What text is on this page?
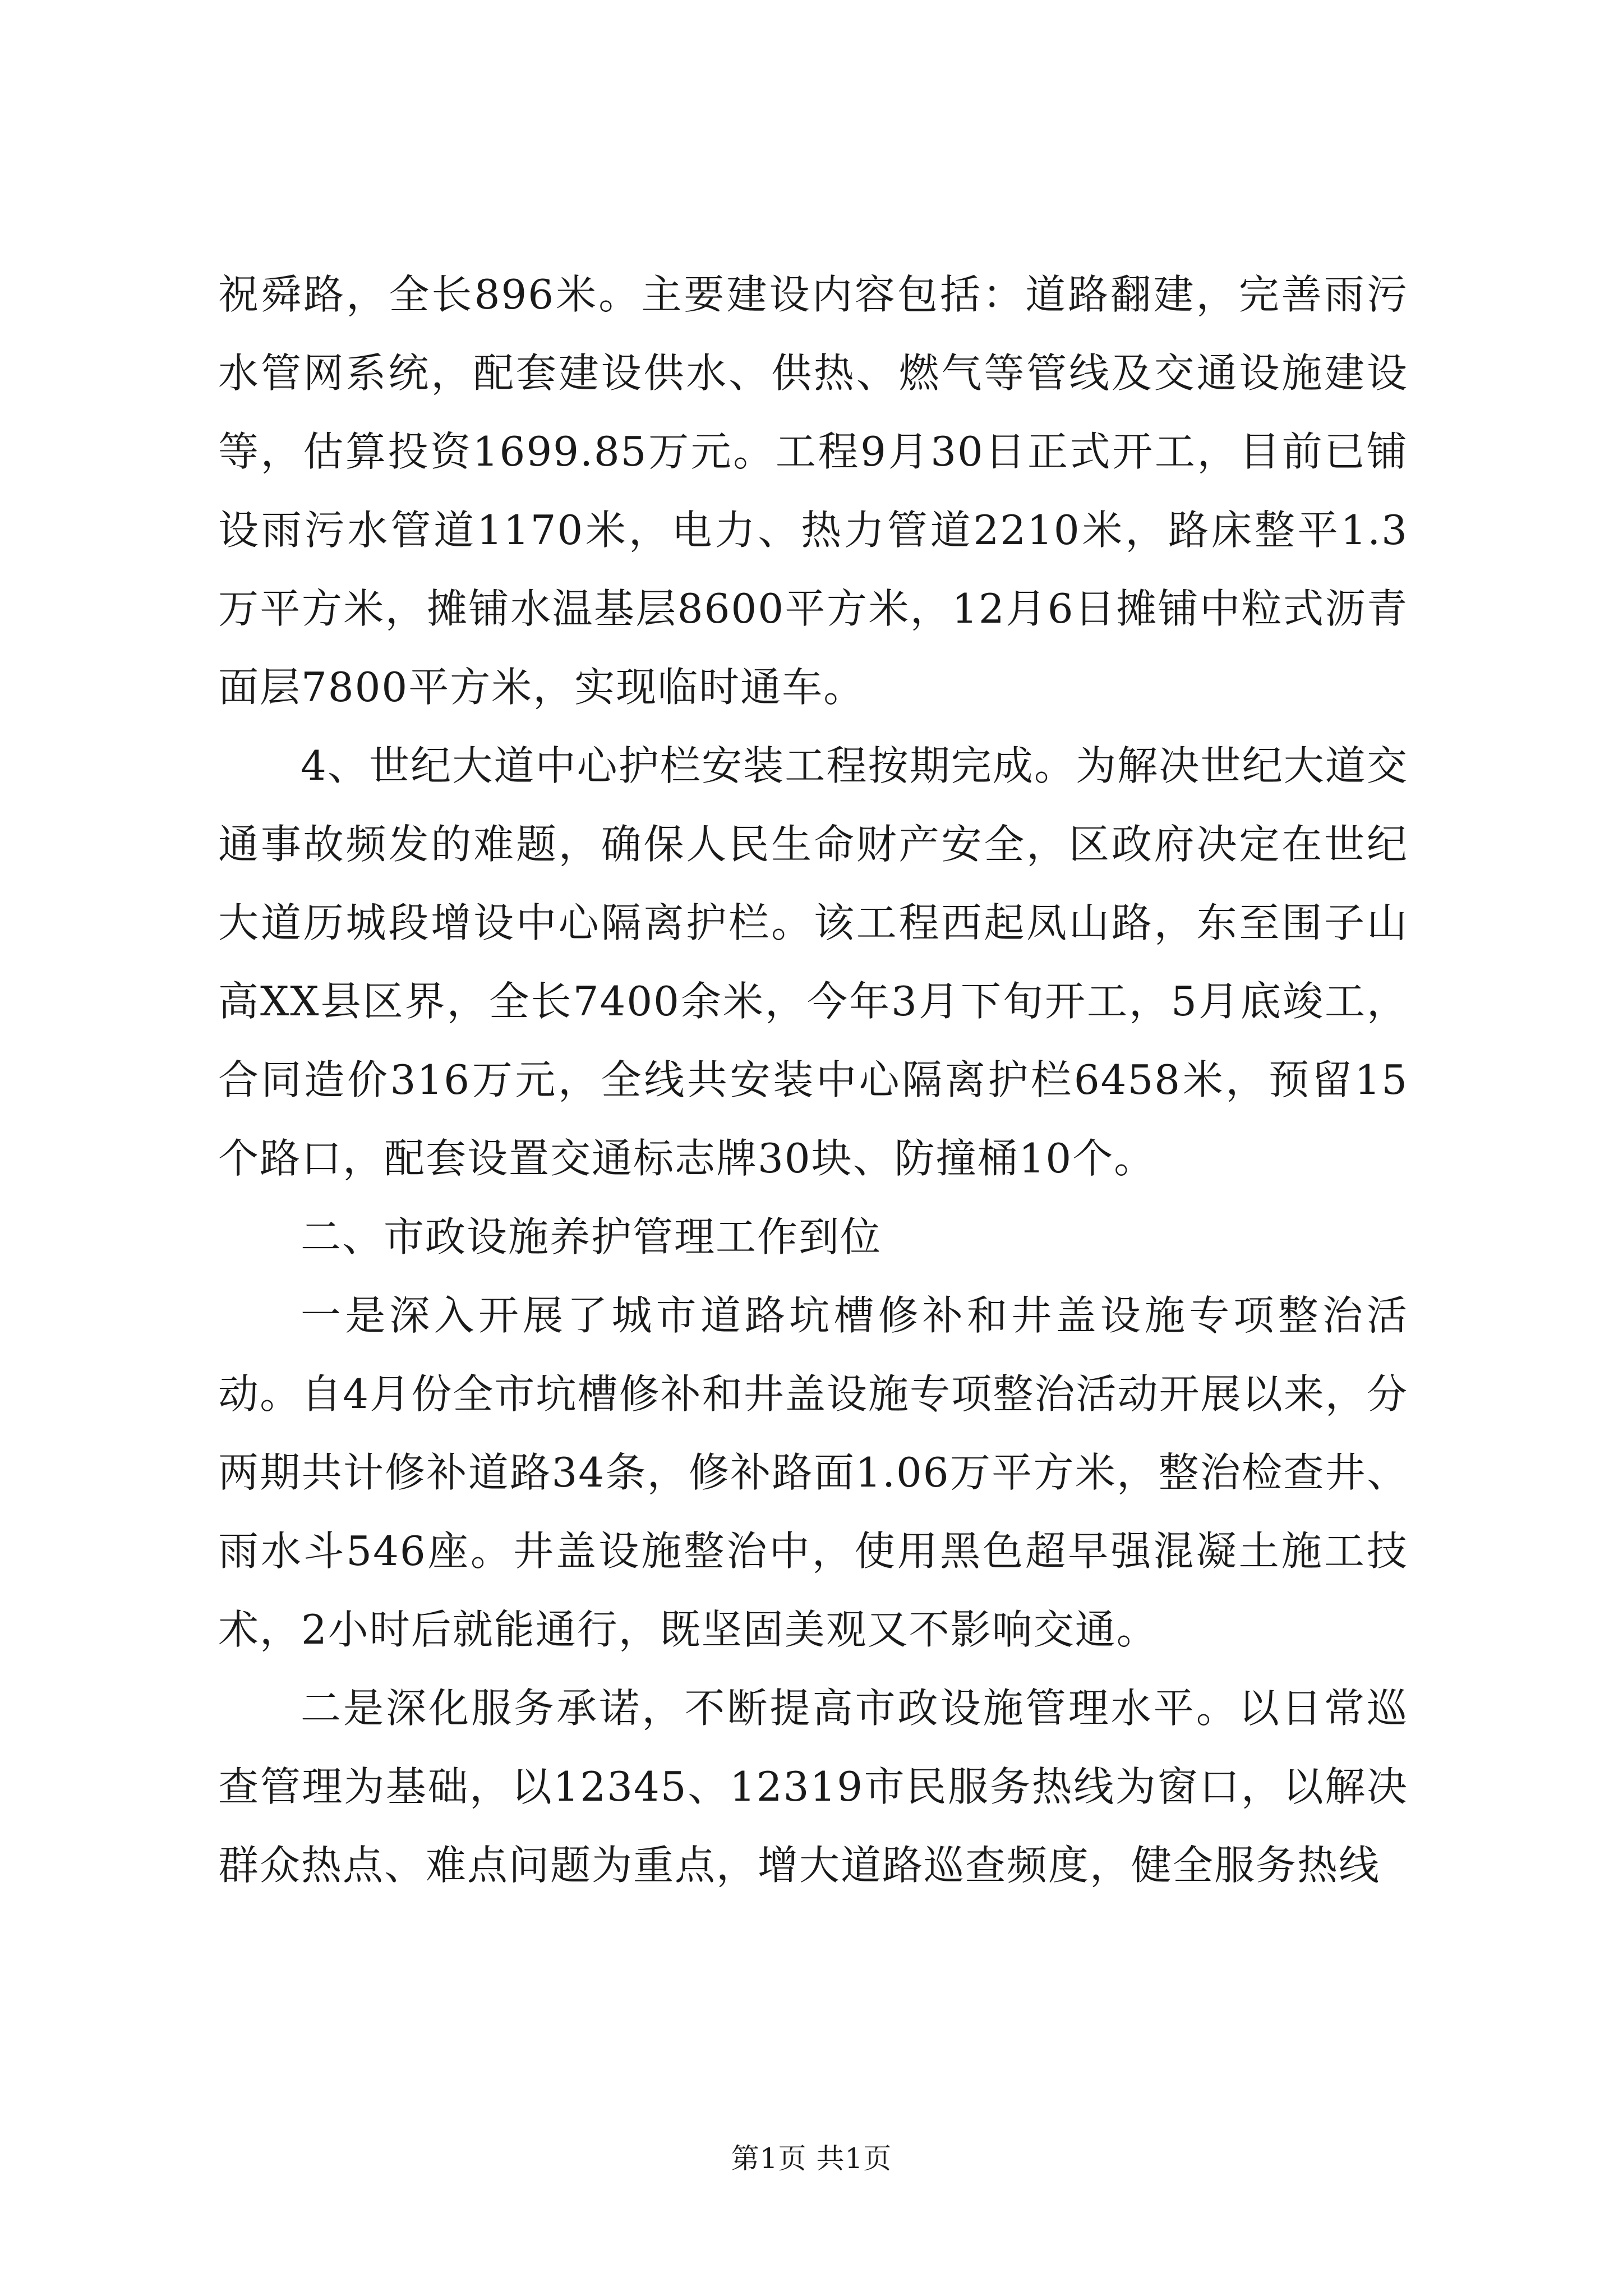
祝舜路，全长896米。主要建设内容包括：道路翻建，完善雨污水管网系统，配套建设供水、供热、燃气等管线及交通设施建设等，估算投资1699.85万元。工程9月30日正式开工，目前已铺设雨污水管道1170米，电力、热力管道2210米，路床整平1.3万平方米，摊铺水温基层8600平方米，12月6日摊铺中粒式沥青面层7800平方米，实现临时通车。

4、世纪大道中心护栏安装工程按期完成。为解决世纪大道交通事故频发的难题，确保人民生命财产安全，区政府决定在世纪大道历城段增设中心隔离护栏。该工程西起凤山路，东至围子山高XX县区界，全长7400余米，今年3月下旬开工，5月底竣工，合同造价316万元，全线共安装中心隔离护栏6458米，预留15个路口，配套设置交通标志牌30块、防撞桶10个。

二、市政设施养护管理工作到位

一是深入开展了城市道路坑槽修补和井盖设施专项整治活动。自4月份全市坑槽修补和井盖设施专项整治活动开展以来，分两期共计修补道路34条，修补路面1.06万平方米，整治检查井、雨水斗546座。井盖设施整治中，使用黑色超早强混凝土施工技术，2小时后就能通行，既坚固美观又不影响交通。

二是深化服务承诺，不断提高市政设施管理水平。以日常巡查管理为基础，以12345、12319市民服务热线为窗口，以解决群众热点、难点问题为重点，增大道路巡查频度，健全服务热线

第1页 共1页
